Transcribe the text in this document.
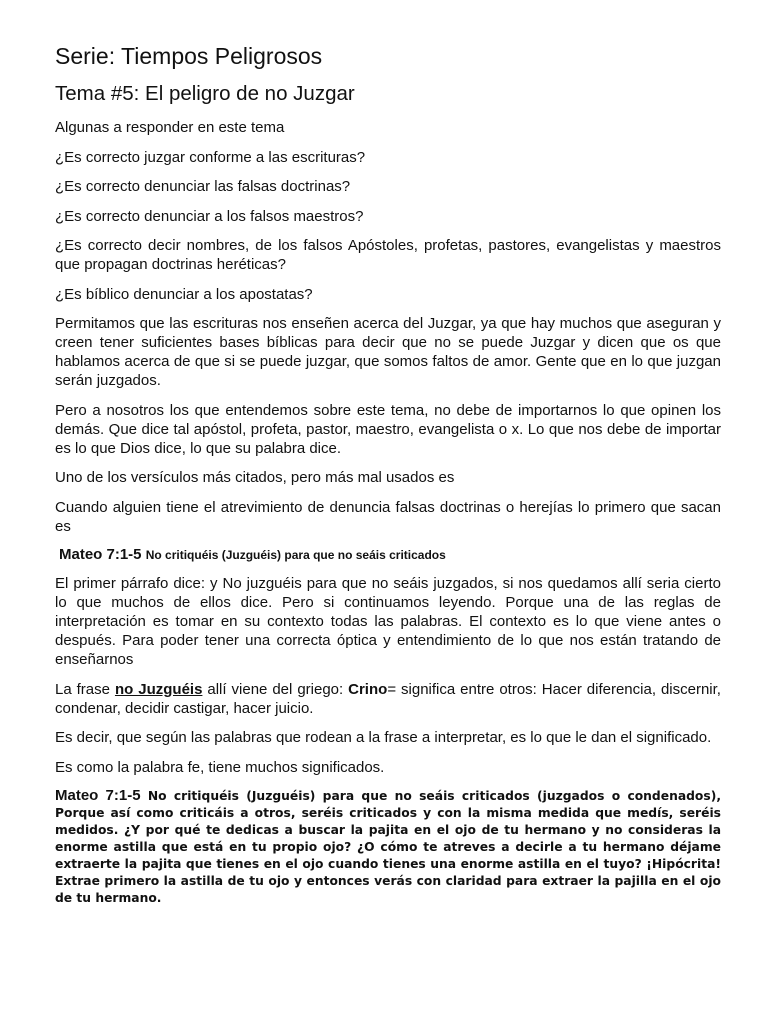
Serie: Tiempos Peligrosos
Tema #5: El peligro de no Juzgar

Algunas a responder en este tema

¿Es correcto juzgar conforme a las escrituras?

¿Es correcto denunciar las falsas doctrinas?

¿Es correcto denunciar a los falsos maestros?

¿Es correcto decir nombres, de los falsos Apóstoles, profetas, pastores, evangelistas y maestros que propagan doctrinas heréticas?

¿Es bíblico denunciar a los apostatas?

Permitamos que las escrituras nos enseñen acerca del Juzgar, ya que hay muchos que aseguran y creen tener suficientes bases bíblicas para decir que no se puede Juzgar y dicen que os que hablamos acerca de que si se puede juzgar, que somos faltos de amor. Gente que en lo que juzgan serán juzgados.

Pero a nosotros los que entendemos sobre este tema, no debe de importarnos lo que opinen los demás. Que dice tal apóstol, profeta, pastor, maestro, evangelista o x. Lo que nos debe de importar es lo que Dios dice, lo que su palabra dice.

Uno de los versículos más citados, pero más mal usados es

Cuando alguien tiene el atrevimiento de denuncia falsas doctrinas o herejías lo primero que sacan es

Mateo 7:1-5 No critiquéis (Juzguéis) para que no seáis criticados

El primer párrafo dice: y No juzguéis para que no seáis juzgados, si nos quedamos allí seria cierto lo que muchos de ellos dice. Pero si continuamos leyendo. Porque una de las reglas de interpretación es tomar en su contexto todas las palabras. El contexto es lo que viene antes o después. Para poder tener una correcta óptica y entendimiento de lo que nos están tratando de enseñarnos

La frase no Juzguéis allí viene del griego: Crino= significa entre otros: Hacer diferencia, discernir, condenar, decidir castigar, hacer juicio.

Es decir, que según las palabras que rodean a la frase a interpretar, es lo que le dan el significado.

Es como la palabra fe, tiene muchos significados.

Mateo 7:1-5 No critiquéis (Juzguéis) para que no seáis criticados (juzgados o condenados), Porque así como criticáis a otros, seréis criticados y con la misma medida que medís, seréis medidos. ¿Y por qué te dedicas a buscar la pajita en el ojo de tu hermano y no consideras la enorme astilla que está en tu propio ojo? ¿O cómo te atreves a decirle a tu hermano déjame extraerte la pajita que tienes en el ojo cuando tienes una enorme astilla en el tuyo? ¡Hipócrita! Extrae primero la astilla de tu ojo y entonces verás con claridad para extraer la pajilla en el ojo de tu hermano.
